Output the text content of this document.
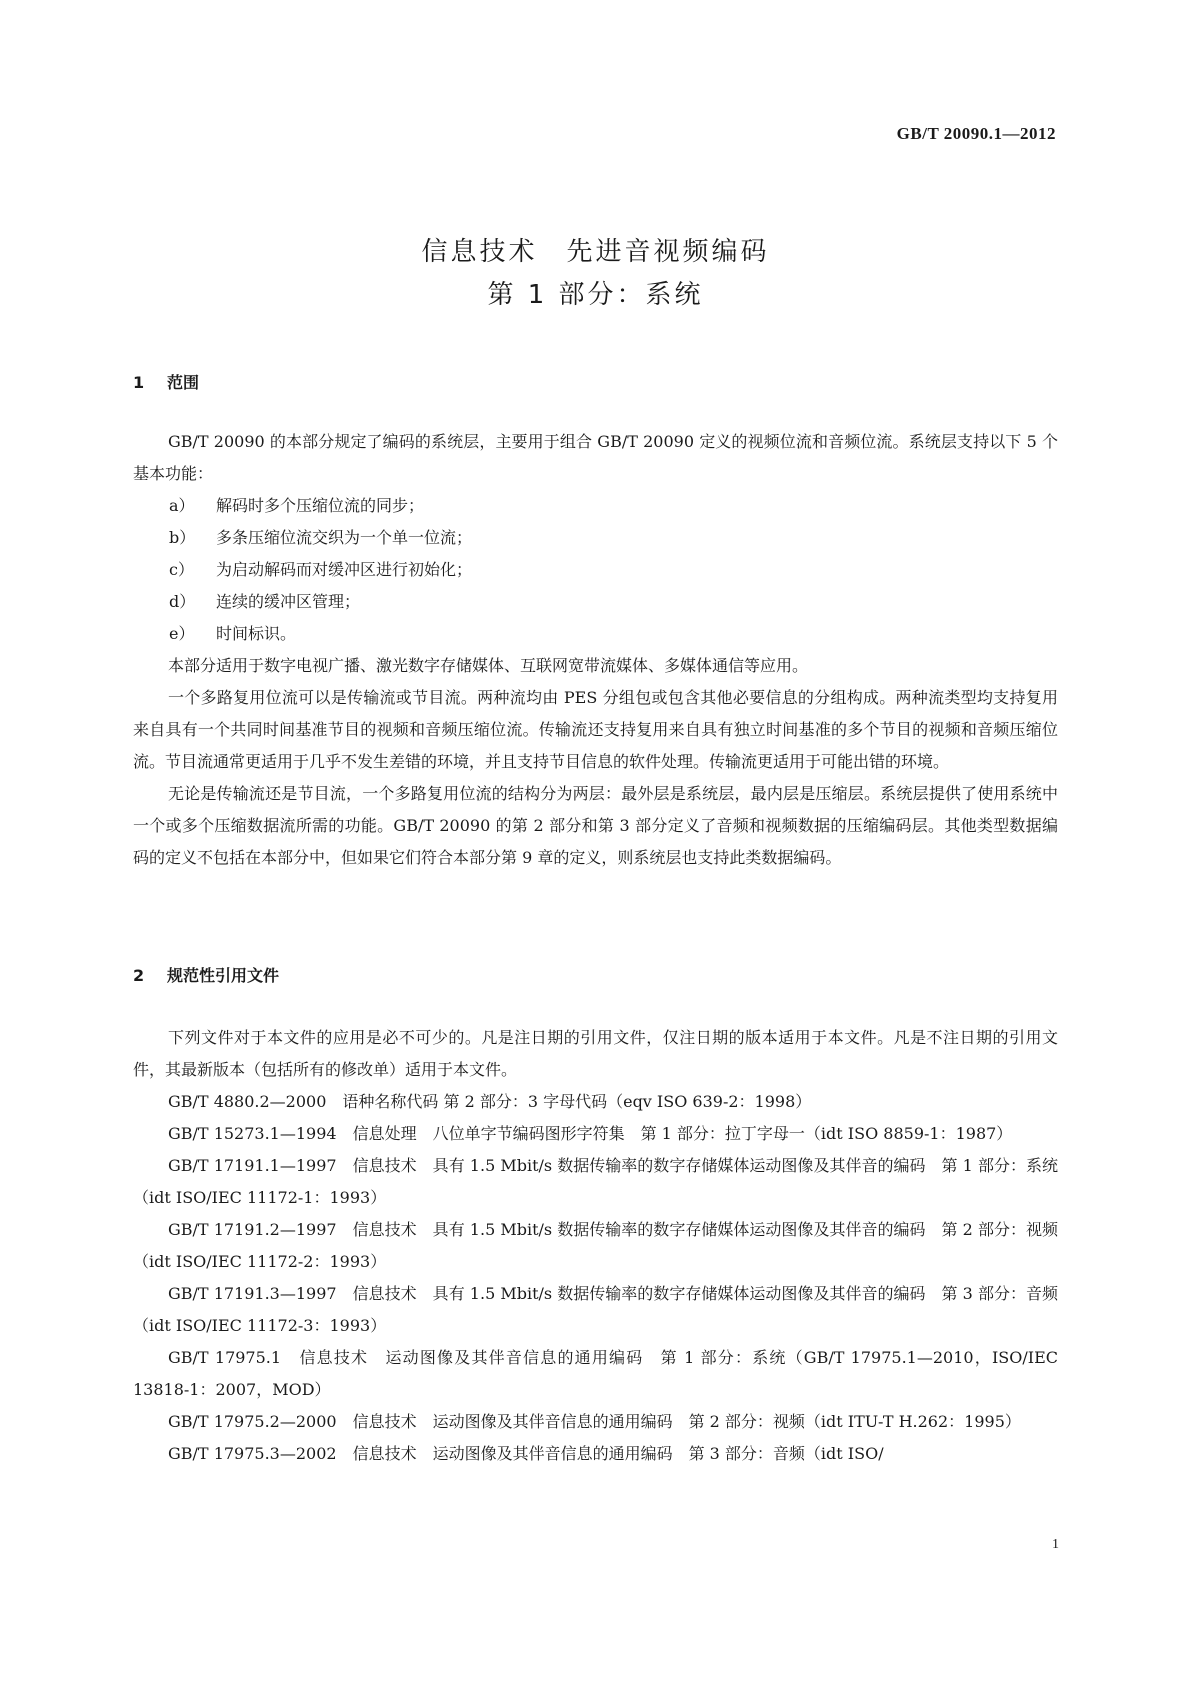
GB/T 20090.1—2012
信息技术　先进音视频编码
第 1 部分：系统
1 范围

GB/T 20090 的本部分规定了编码的系统层，主要用于组合 GB/T 20090 定义的视频位流和音频位流。系统层支持以下 5 个基本功能：

a） 解码时多个压缩位流的同步；

b） 多条压缩位流交织为一个单一位流；

c） 为启动解码而对缓冲区进行初始化；

d） 连续的缓冲区管理；

e） 时间标识。

本部分适用于数字电视广播、激光数字存储媒体、互联网宽带流媒体、多媒体通信等应用。

一个多路复用位流可以是传输流或节目流。两种流均由 PES 分组包或包含其他必要信息的分组构成。两种流类型均支持复用来自具有一个共同时间基准节目的视频和音频压缩位流。传输流还支持复用来自具有独立时间基准的多个节目的视频和音频压缩位流。节目流通常更适用于几乎不发生差错的环境，并且支持节目信息的软件处理。传输流更适用于可能出错的环境。

无论是传输流还是节目流，一个多路复用位流的结构分为两层：最外层是系统层，最内层是压缩层。系统层提供了使用系统中一个或多个压缩数据流所需的功能。GB/T 20090 的第 2 部分和第 3 部分定义了音频和视频数据的压缩编码层。其他类型数据编码的定义不包括在本部分中，但如果它们符合本部分第 9 章的定义，则系统层也支持此类数据编码。

2 规范性引用文件

下列文件对于本文件的应用是必不可少的。凡是注日期的引用文件，仅注日期的版本适用于本文件。凡是不注日期的引用文件，其最新版本（包括所有的修改单）适用于本文件。

GB/T 4880.2—2000　语种名称代码 第 2 部分：3 字母代码（eqv ISO 639-2：1998）

GB/T 15273.1—1994　信息处理　八位单字节编码图形字符集　第 1 部分：拉丁字母一（idt ISO 8859-1：1987）

GB/T 17191.1—1997　信息技术　具有 1.5 Mbit/s 数据传输率的数字存储媒体运动图像及其伴音的编码　第 1 部分：系统（idt ISO/IEC 11172-1：1993）

GB/T 17191.2—1997　信息技术　具有 1.5 Mbit/s 数据传输率的数字存储媒体运动图像及其伴音的编码　第 2 部分：视频（idt ISO/IEC 11172-2：1993）

GB/T 17191.3—1997　信息技术　具有 1.5 Mbit/s 数据传输率的数字存储媒体运动图像及其伴音的编码　第 3 部分：音频（idt ISO/IEC 11172-3：1993）

GB/T 17975.1　信息技术　运动图像及其伴音信息的通用编码　第 1 部分：系统（GB/T 17975.1—2010，ISO/IEC 13818-1：2007，MOD）

GB/T 17975.2—2000　信息技术　运动图像及其伴音信息的通用编码　第 2 部分：视频（idt ITU-T H.262：1995）

GB/T 17975.3—2002　信息技术　运动图像及其伴音信息的通用编码　第 3 部分：音频（idt ISO/

1
